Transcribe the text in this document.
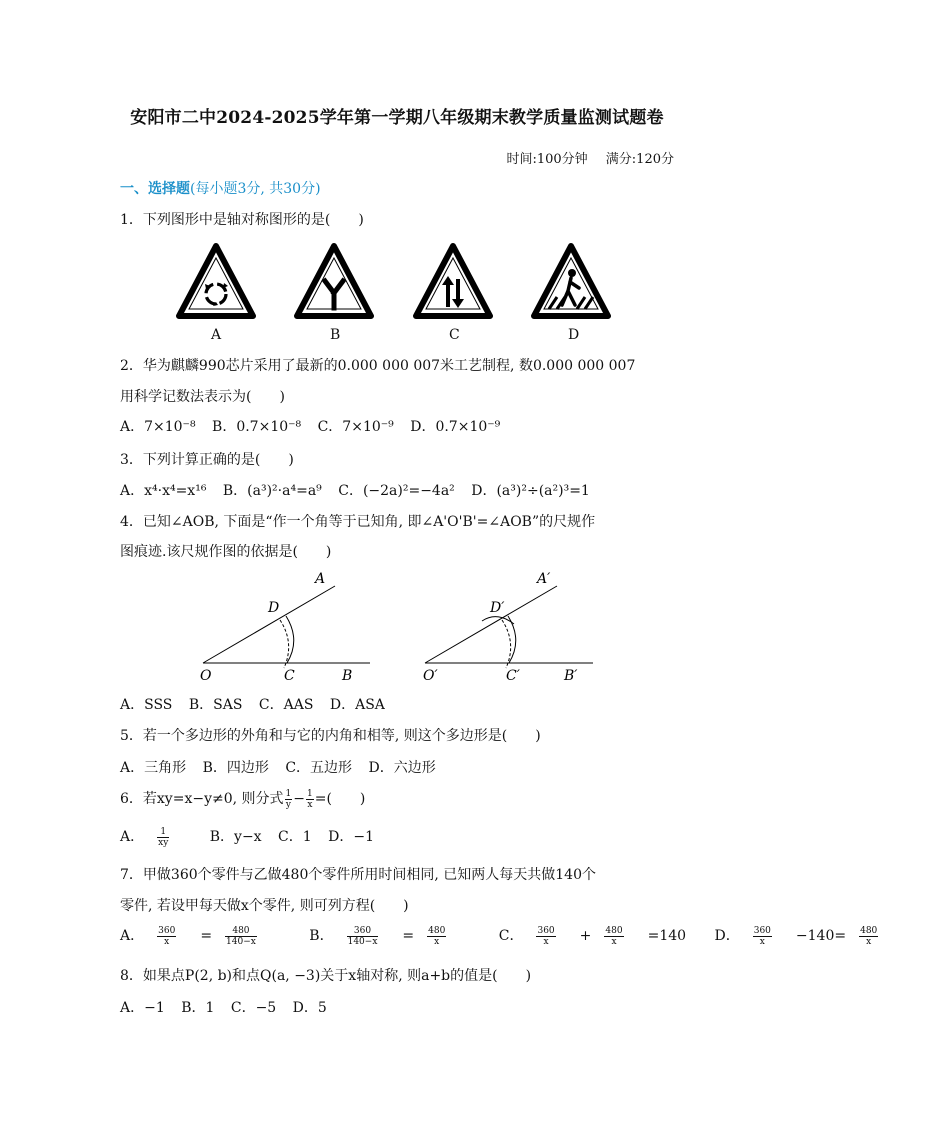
安阳市二中2024-2025学年第一学期八年级期末教学质量监测试题卷
时间:100分钟 满分:120分
一、选择题(每小题3分, 共30分)
1．下列图形中是轴对称图形的是(　　)
A	B	C	D
2．华为麒麟990芯片采用了最新的0.000 000 007米工艺制程, 数0.000 000 007
用科学记数法表示为(　　)
A．7×10⁻⁸ B．0.7×10⁻⁸ C．7×10⁻⁹ D．0.7×10⁻⁹
3．下列计算正确的是(　　)
A．x⁴·x⁴=x¹⁶ B．(a³)²·a⁴=a⁹ C．(−2a)²=−4a² D．(a³)²÷(a²)³=1
4．已知∠AOB, 下面是“作一个角等于已知角, 即∠A'O'B'=∠AOB”的尺规作
图痕迹.该尺规作图的依据是(　　)
A
D
O	C	B
A′
D′
O′	C′	B′
A．SSS B．SAS C．AAS D．ASA
5．若一个多边形的外角和与它的内角和相等, 则这个多边形是(　　)
A．三角形 B．四边形 C．五边形 D．六边形
6．若xy=x−y≠0, 则分式 $\frac{1}{y} - \frac{1}{x}$ =(　　)
A． $\frac{1}{xy}$ B．y−x C．1 D．−1
7．甲做360个零件与乙做480个零件所用时间相同, 已知两人每天共做140个
零件, 若设甲每天做x个零件, 则可列方程(　　)
A． $\frac{360}{x} = \frac{480}{140-x}$	B． $\frac{360}{140-x} = \frac{480}{x}$	C． $\frac{360}{x} + \frac{480}{x} =140$ D． $\frac{360}{x} -140= \frac{480}{x}$
8．如果点P(2, b)和点Q(a, −3)关于x轴对称, 则a+b的值是(　　)
A．−1 B．1 C．−5 D．5
